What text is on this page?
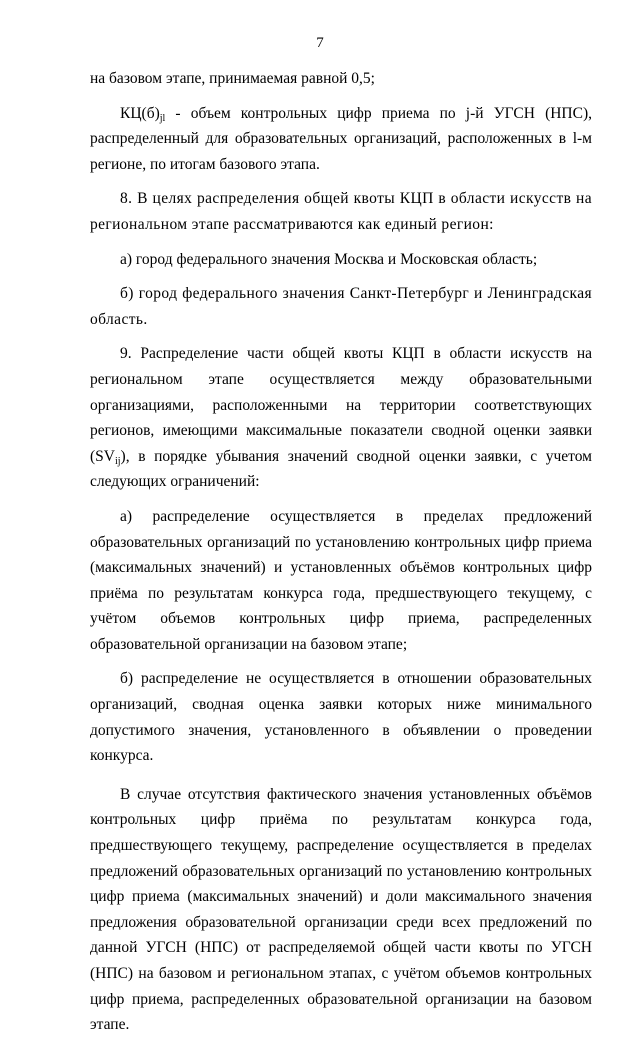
7

на базовом этапе, принимаемая равной 0,5;

$КЦ(б)_{jl}$ - объем контрольных цифр приема по j-й УГСН (НПС), распределенный для образовательных организаций, расположенных в l-м регионе, по итогам базового этапа.

8. В целях распределения общей квоты КЦП в области искусств на региональном этапе рассматриваются как единый регион:

а) город федерального значения Москва и Московская область;

б) город федерального значения Санкт-Петербург и Ленинградская область.

9. Распределение части общей квоты КЦП в области искусств на региональном этапе осуществляется между образовательными организациями, расположенными на территории соответствующих регионов, имеющими максимальные показатели сводной оценки заявки $(SV_{ij})$, в порядке убывания значений сводной оценки заявки, с учетом следующих ограничений:

а) распределение осуществляется в пределах предложений образовательных организаций по установлению контрольных цифр приема (максимальных значений) и установленных объёмов контрольных цифр приёма по результатам конкурса года, предшествующего текущему, с учётом объемов контрольных цифр приема, распределенных образовательной организации на базовом этапе;

б) распределение не осуществляется в отношении образовательных организаций, сводная оценка заявки которых ниже минимального допустимого значения, установленного в объявлении о проведении конкурса.

В случае отсутствия фактического значения установленных объёмов контрольных цифр приёма по результатам конкурса года, предшествующего текущему, распределение осуществляется в пределах предложений образовательных организаций по установлению контрольных цифр приема (максимальных значений) и доли максимального значения предложения образовательной организации среди всех предложений по данной УГСН (НПС) от распределяемой общей части квоты по УГСН (НПС) на базовом и региональном этапах, с учётом объемов контрольных цифр приема, распределенных образовательной организации на базовом этапе.
